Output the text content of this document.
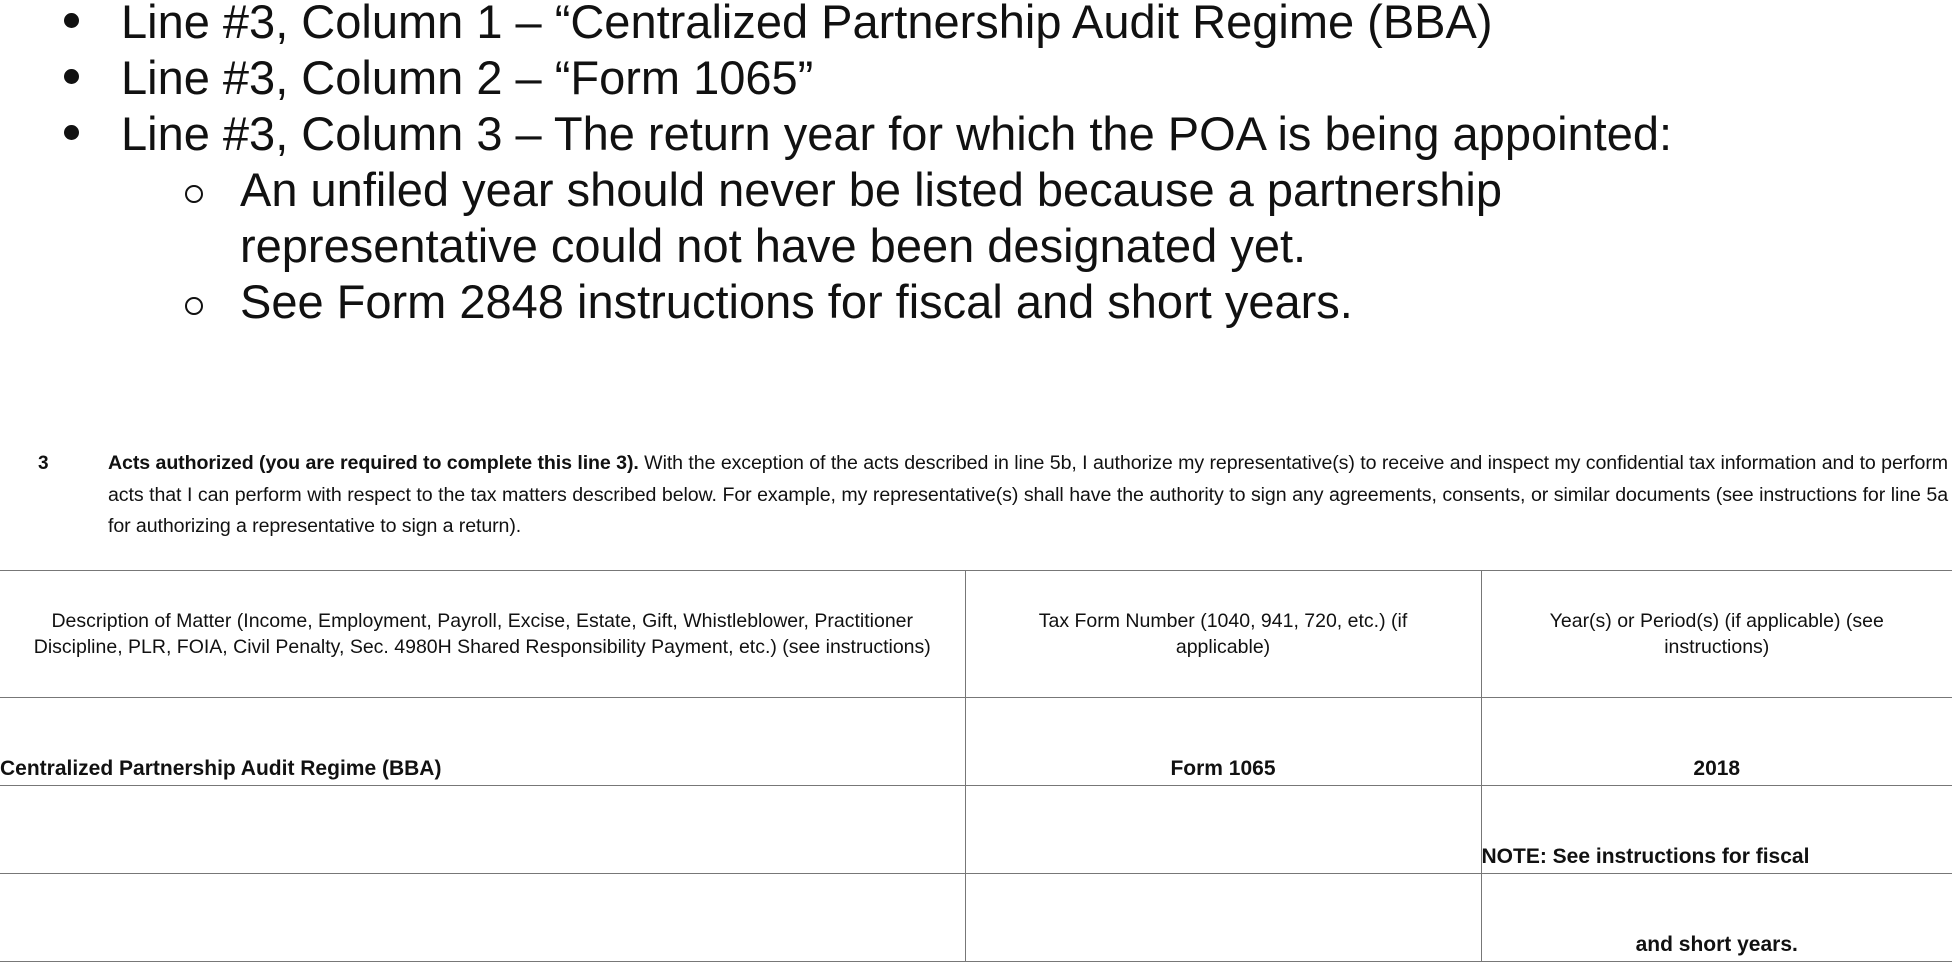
Line #3, Column 1 – “Centralized Partnership Audit Regime (BBA)
Line #3, Column 2 – “Form 1065”
Line #3, Column 3 – The return year for which the POA is being appointed:
An unfiled year should never be listed because a partnership
representative could not have been designated yet.
See Form 2848 instructions for fiscal and short years.
3	Acts authorized (you are required to complete this line 3). With the exception of the acts described in line 5b, I authorize my representative(s) to receive and inspect my confidential tax information and to perform acts that I can perform with respect to the tax matters described below. For example, my representative(s) shall have the authority to sign any agreements, consents, or similar documents (see instructions for line 5a for authorizing a representative to sign a return).
Description of Matter (Income, Employment, Payroll, Excise, Estate, Gift, Whistleblower, Practitioner Discipline, PLR, FOIA, Civil Penalty, Sec. 4980H Shared Responsibility Payment, etc.) (see instructions)	Tax Form Number (1040, 941, 720, etc.) (if applicable)	Year(s) or Period(s) (if applicable) (see instructions)
Centralized Partnership Audit Regime (BBA)	Form 1065	2018
		NOTE: See instructions for fiscal
		and short years.
